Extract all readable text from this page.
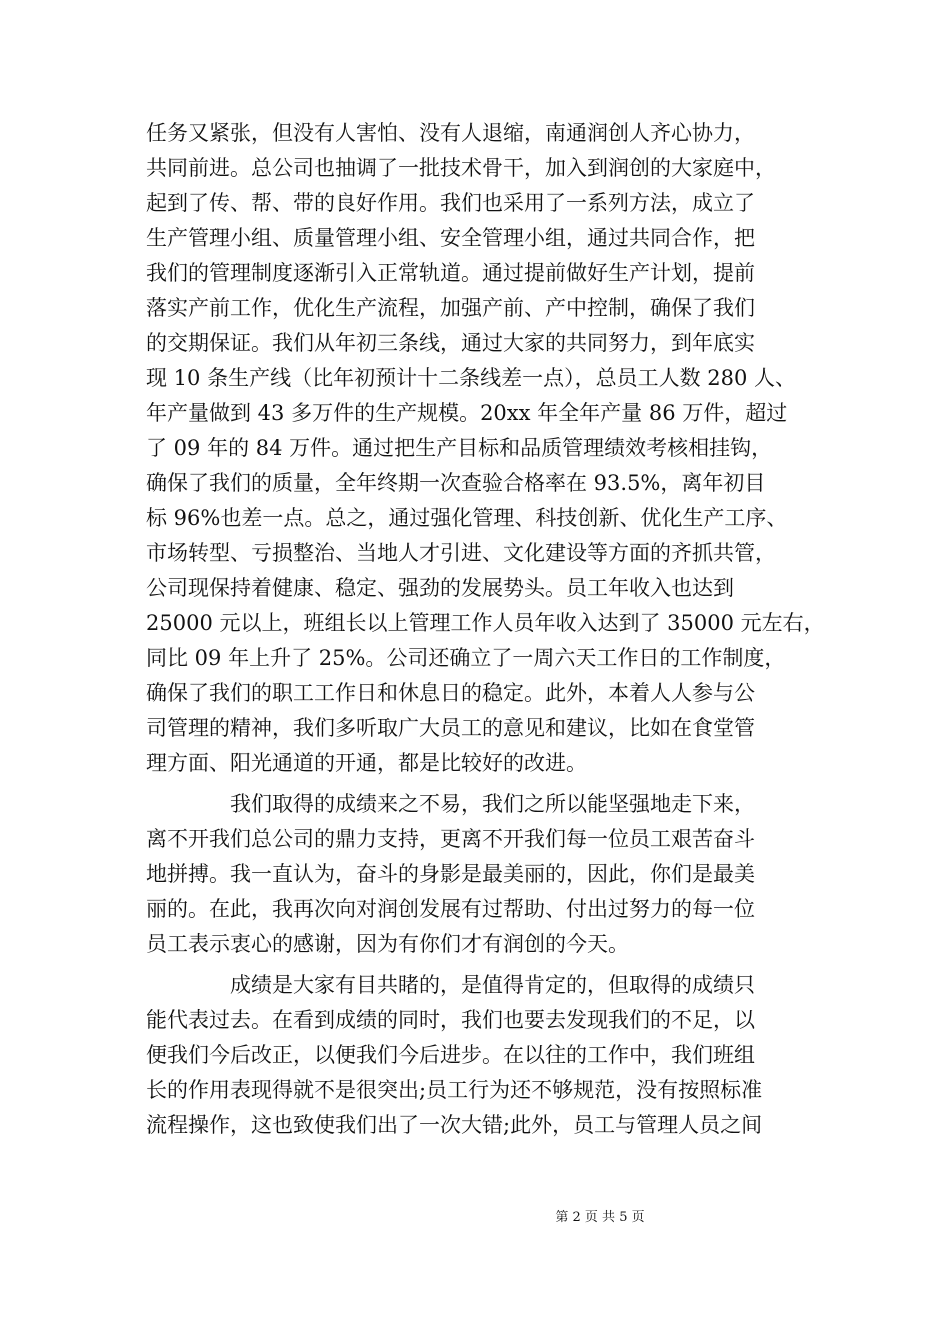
任务又紧张，但没有人害怕、没有人退缩，南通润创人齐心协力，
共同前进。总公司也抽调了一批技术骨干，加入到润创的大家庭中，
起到了传、帮、带的良好作用。我们也采用了一系列方法，成立了
生产管理小组、质量管理小组、安全管理小组，通过共同合作，把
我们的管理制度逐渐引入正常轨道。通过提前做好生产计划，提前
落实产前工作，优化生产流程，加强产前、产中控制，确保了我们
的交期保证。我们从年初三条线，通过大家的共同努力，到年底实
现 10 条生产线（比年初预计十二条线差一点），总员工人数 280 人、
年产量做到 43 多万件的生产规模。20xx 年全年产量 86 万件，超过
了 09 年的 84 万件。通过把生产目标和品质管理绩效考核相挂钩，
确保了我们的质量，全年终期一次查验合格率在 93.5%，离年初目
标 96%也差一点。总之，通过强化管理、科技创新、优化生产工序、
市场转型、亏损整治、当地人才引进、文化建设等方面的齐抓共管，
公司现保持着健康、稳定、强劲的发展势头。员工年收入也达到
25000 元以上，班组长以上管理工作人员年收入达到了 35000 元左右，
同比 09 年上升了 25%。公司还确立了一周六天工作日的工作制度，
确保了我们的职工工作日和休息日的稳定。此外，本着人人参与公
司管理的精神，我们多听取广大员工的意见和建议，比如在食堂管
理方面、阳光通道的开通，都是比较好的改进。
　　　　我们取得的成绩来之不易，我们之所以能坚强地走下来，
离不开我们总公司的鼎力支持，更离不开我们每一位员工艰苦奋斗
地拼搏。我一直认为，奋斗的身影是最美丽的，因此，你们是最美
丽的。在此，我再次向对润创发展有过帮助、付出过努力的每一位
员工表示衷心的感谢，因为有你们才有润创的今天。
　　　　成绩是大家有目共睹的，是值得肯定的，但取得的成绩只
能代表过去。在看到成绩的同时，我们也要去发现我们的不足，以
便我们今后改正，以便我们今后进步。在以往的工作中，我们班组
长的作用表现得就不是很突出;员工行为还不够规范，没有按照标准
流程操作，这也致使我们出了一次大错;此外，员工与管理人员之间
第 2 页 共 5 页
